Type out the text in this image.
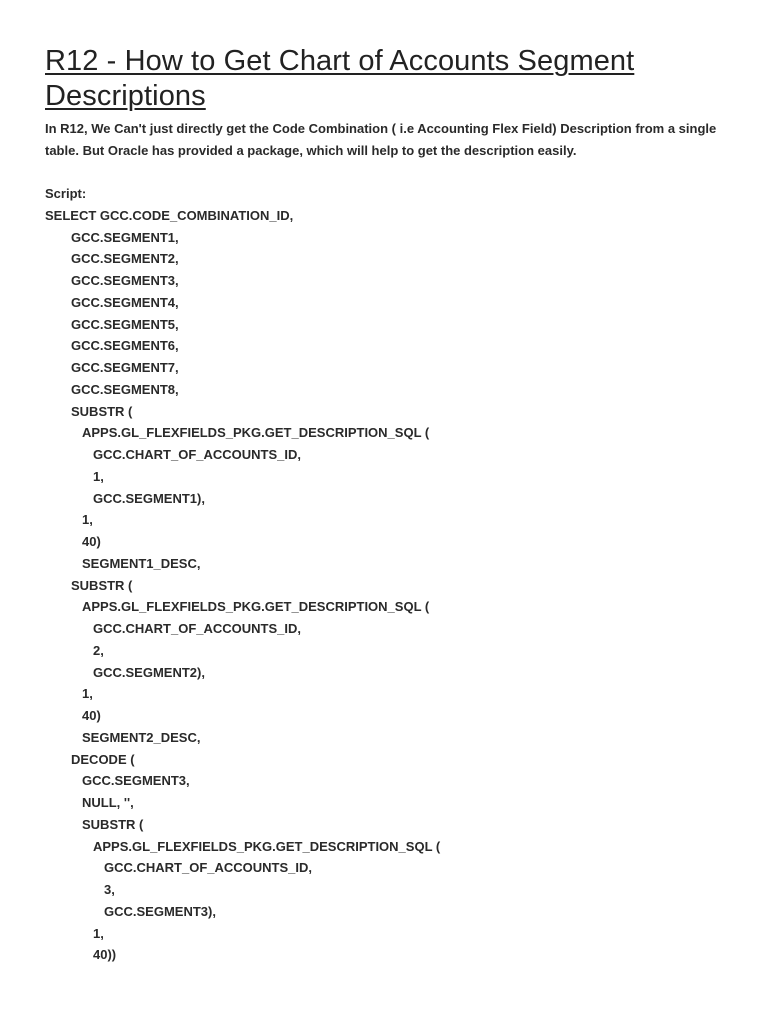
R12 - How to Get Chart of Accounts Segment Descriptions

In R12, We Can't just directly get the Code Combination ( i.e Accounting Flex Field) Description from a single table. But Oracle has provided a package, which will help to get the description easily.

Script:
SELECT GCC.CODE_COMBINATION_ID,
GCC.SEGMENT1,
GCC.SEGMENT2,
GCC.SEGMENT3,
GCC.SEGMENT4,
GCC.SEGMENT5,
GCC.SEGMENT6,
GCC.SEGMENT7,
GCC.SEGMENT8,
SUBSTR (
APPS.GL_FLEXFIELDS_PKG.GET_DESCRIPTION_SQL (
GCC.CHART_OF_ACCOUNTS_ID,
1,
GCC.SEGMENT1),
1,
40)
SEGMENT1_DESC,
SUBSTR (
APPS.GL_FLEXFIELDS_PKG.GET_DESCRIPTION_SQL (
GCC.CHART_OF_ACCOUNTS_ID,
2,
GCC.SEGMENT2),
1,
40)
SEGMENT2_DESC,
DECODE (
GCC.SEGMENT3,
NULL, '',
SUBSTR (
APPS.GL_FLEXFIELDS_PKG.GET_DESCRIPTION_SQL (
GCC.CHART_OF_ACCOUNTS_ID,
3,
GCC.SEGMENT3),
1,
40))
